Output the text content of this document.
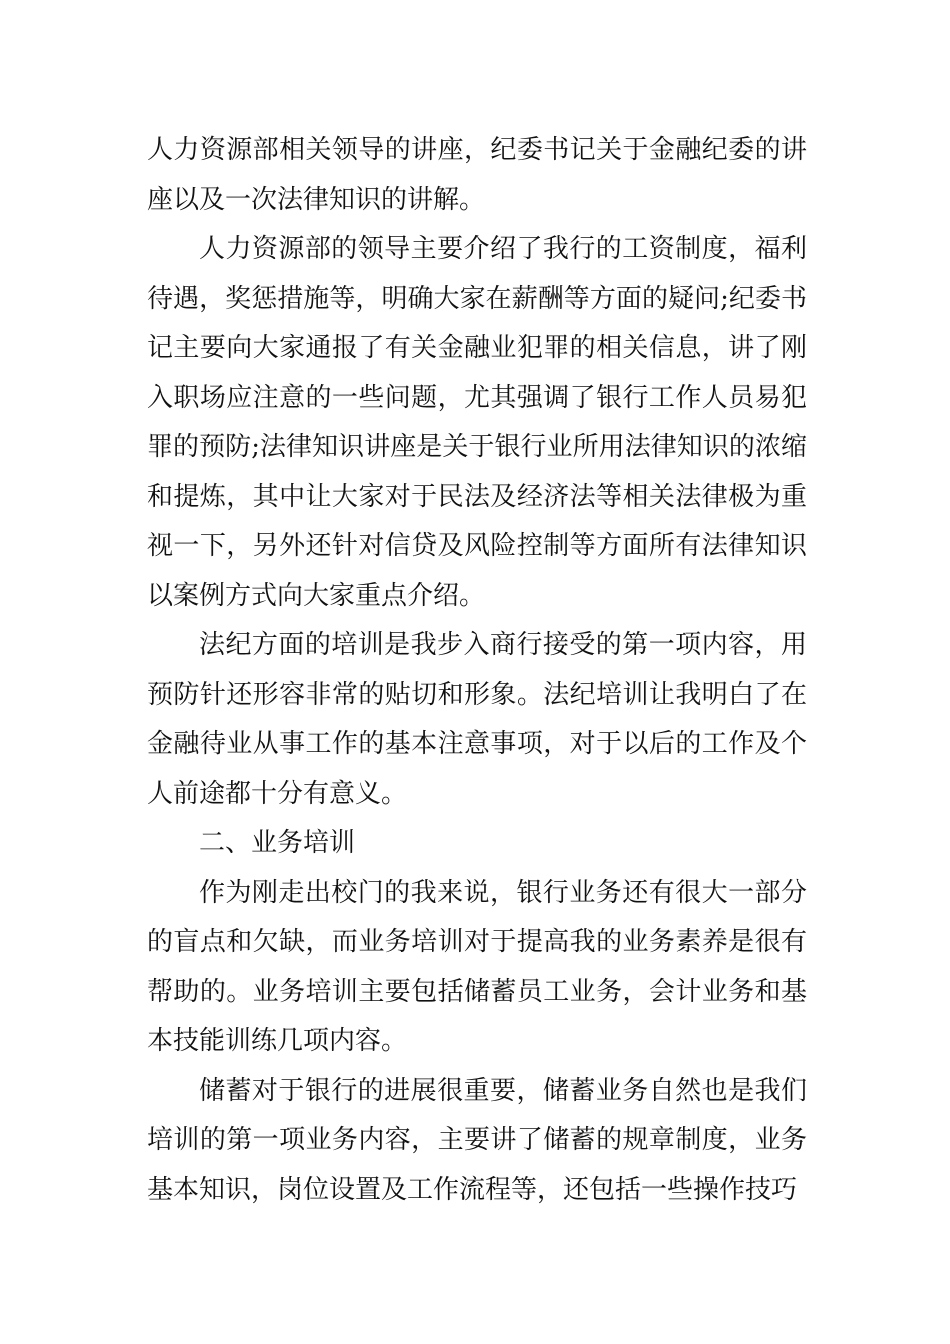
人力资源部相关领导的讲座，纪委书记关于金融纪委的讲座以及一次法律知识的讲解。

人力资源部的领导主要介绍了我行的工资制度，福利待遇，奖惩措施等，明确大家在薪酬等方面的疑问;纪委书记主要向大家通报了有关金融业犯罪的相关信息，讲了刚入职场应注意的一些问题，尤其强调了银行工作人员易犯罪的预防;法律知识讲座是关于银行业所用法律知识的浓缩和提炼，其中让大家对于民法及经济法等相关法律极为重视一下，另外还针对信贷及风险控制等方面所有法律知识以案例方式向大家重点介绍。

法纪方面的培训是我步入商行接受的第一项内容，用预防针还形容非常的贴切和形象。法纪培训让我明白了在金融待业从事工作的基本注意事项，对于以后的工作及个人前途都十分有意义。

二、业务培训

作为刚走出校门的我来说，银行业务还有很大一部分的盲点和欠缺，而业务培训对于提高我的业务素养是很有帮助的。业务培训主要包括储蓄员工业务，会计业务和基本技能训练几项内容。

储蓄对于银行的进展很重要，储蓄业务自然也是我们培训的第一项业务内容，主要讲了储蓄的规章制度，业务基本知识，岗位设置及工作流程等，还包括一些操作技巧
